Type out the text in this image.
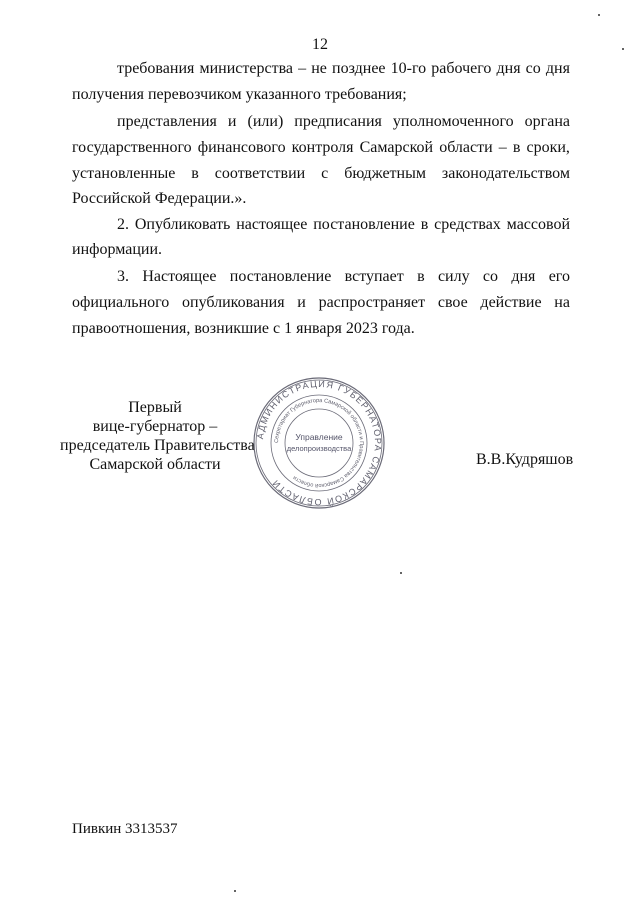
12
требования министерства – не позднее 10-го рабочего дня со дня
получения перевозчиком указанного требования;
представления и (или) предписания уполномоченного органа
государственного финансового контроля Самарской области – в сроки,
установленные в соответствии с бюджетным законодательством
Российской Федерации.».
2. Опубликовать настоящее постановление в средствах массовой
информации.
3. Настоящее постановление вступает в силу со дня его
официального опубликования и распространяет свое действие на
правоотношения, возникшие с 1 января 2023 года.
Первый
вице-губернатор –
председатель Правительства
Самарской области
АДМИНИСТРАЦИЯ ГУБЕРНАТОРА САМАРСКОЙ ОБЛАСТИ
Секретариат Губернатора Самарской области и Правительства Самарской области
Управление
делопроизводства
В.В.Кудряшов
Пивкин 3313537
